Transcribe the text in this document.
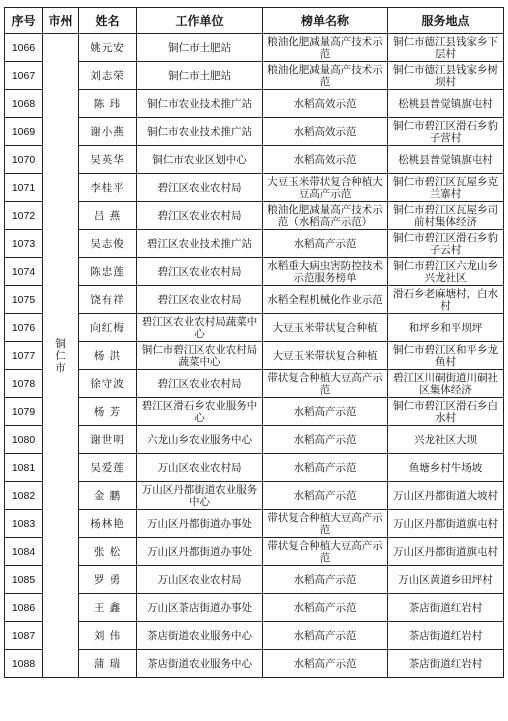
序号	市州	姓名	工作单位	榜单名称	服务地点
1066	铜仁市	姚元安	铜仁市土肥站	粮油化肥减量高产技术示范	铜仁市德江县钱家乡下层村
1067		刘志荣	铜仁市土肥站	粮油化肥减量高产技术示范	铜仁市德江县钱家乡树坝村
1068		陈 玮	铜仁市农业技术推广站	水稻高效示范	松桃县普觉镇旗屯村
1069		谢小燕	铜仁市农业技术推广站	水稻高效示范	铜仁市碧江区滑石乡豹子营村
1070		吴英华	铜仁市农业区划中心	水稻高效示范	松桃县普觉镇旗屯村
1071		李桂平	碧江区农业农村局	大豆玉米带状复合种植大豆高产示范	铜仁市碧江区瓦屋乡克兰寨村
1072		吕 燕	碧江区农业农村局	粮油化肥减量高产技术示范（水稻高产示范）	铜仁市碧江区瓦屋乡司前村集体经济
1073		吴志俊	碧江区农业技术推广站	水稻高产示范	铜仁市碧江区滑石乡豹子云村
1074		陈忠莲	碧江区农业农村局	水稻重大病虫害防控技术示范服务榜单	铜仁市碧江区六龙山乡兴龙社区
1075		饶有祥	碧江区农业农村局	水稻全程机械化作业示范	滑石乡老麻塘村，白水村
1076		向红梅	碧江区农业农村局蔬菜中心	大豆玉米带状复合种植	和坪乡和平坝坪
1077		杨 洪	铜仁市碧江区农业农村局蔬菜中心	大豆玉米带状复合种植	铜仁市碧江区和平乡龙鱼村
1078		徐守波	碧江区农业农村局	带状复合种植大豆高产示范	碧江区川硐街道川硐社区集体经济
1079		杨 芳	碧江区滑石乡农业服务中心	水稻高产示范	铜仁市碧江区滑石乡白水村
1080		谢世明	六龙山乡农业服务中心	水稻高产示范	兴龙社区大坝
1081		吴爱莲	万山区农业农村局	水稻高产示范	鱼塘乡村牛场坡
1082		金 鹏	万山区丹都街道农业服务中心	水稻高产示范	万山区丹都街道大坡村
1083		杨林艳	万山区丹都街道办事处	带状复合种植大豆高产示范	万山区丹都街道旗屯村
1084		张 松	万山区丹都街道办事处	带状复合种植大豆高产示范	万山区丹都街道旗屯村
1085		罗 勇	万山区农业农村局	水稻高产示范	万山区黄道乡田坪村
1086		王 鑫	万山区茶店街道办事处	水稻高产示范	茶店街道红岩村
1087		刘 伟	茶店街道农业服务中心	水稻高产示范	茶店街道红岩村
1088		蒲 瑞	茶店街道农业服务中心	水稻高产示范	茶店街道红岩村
